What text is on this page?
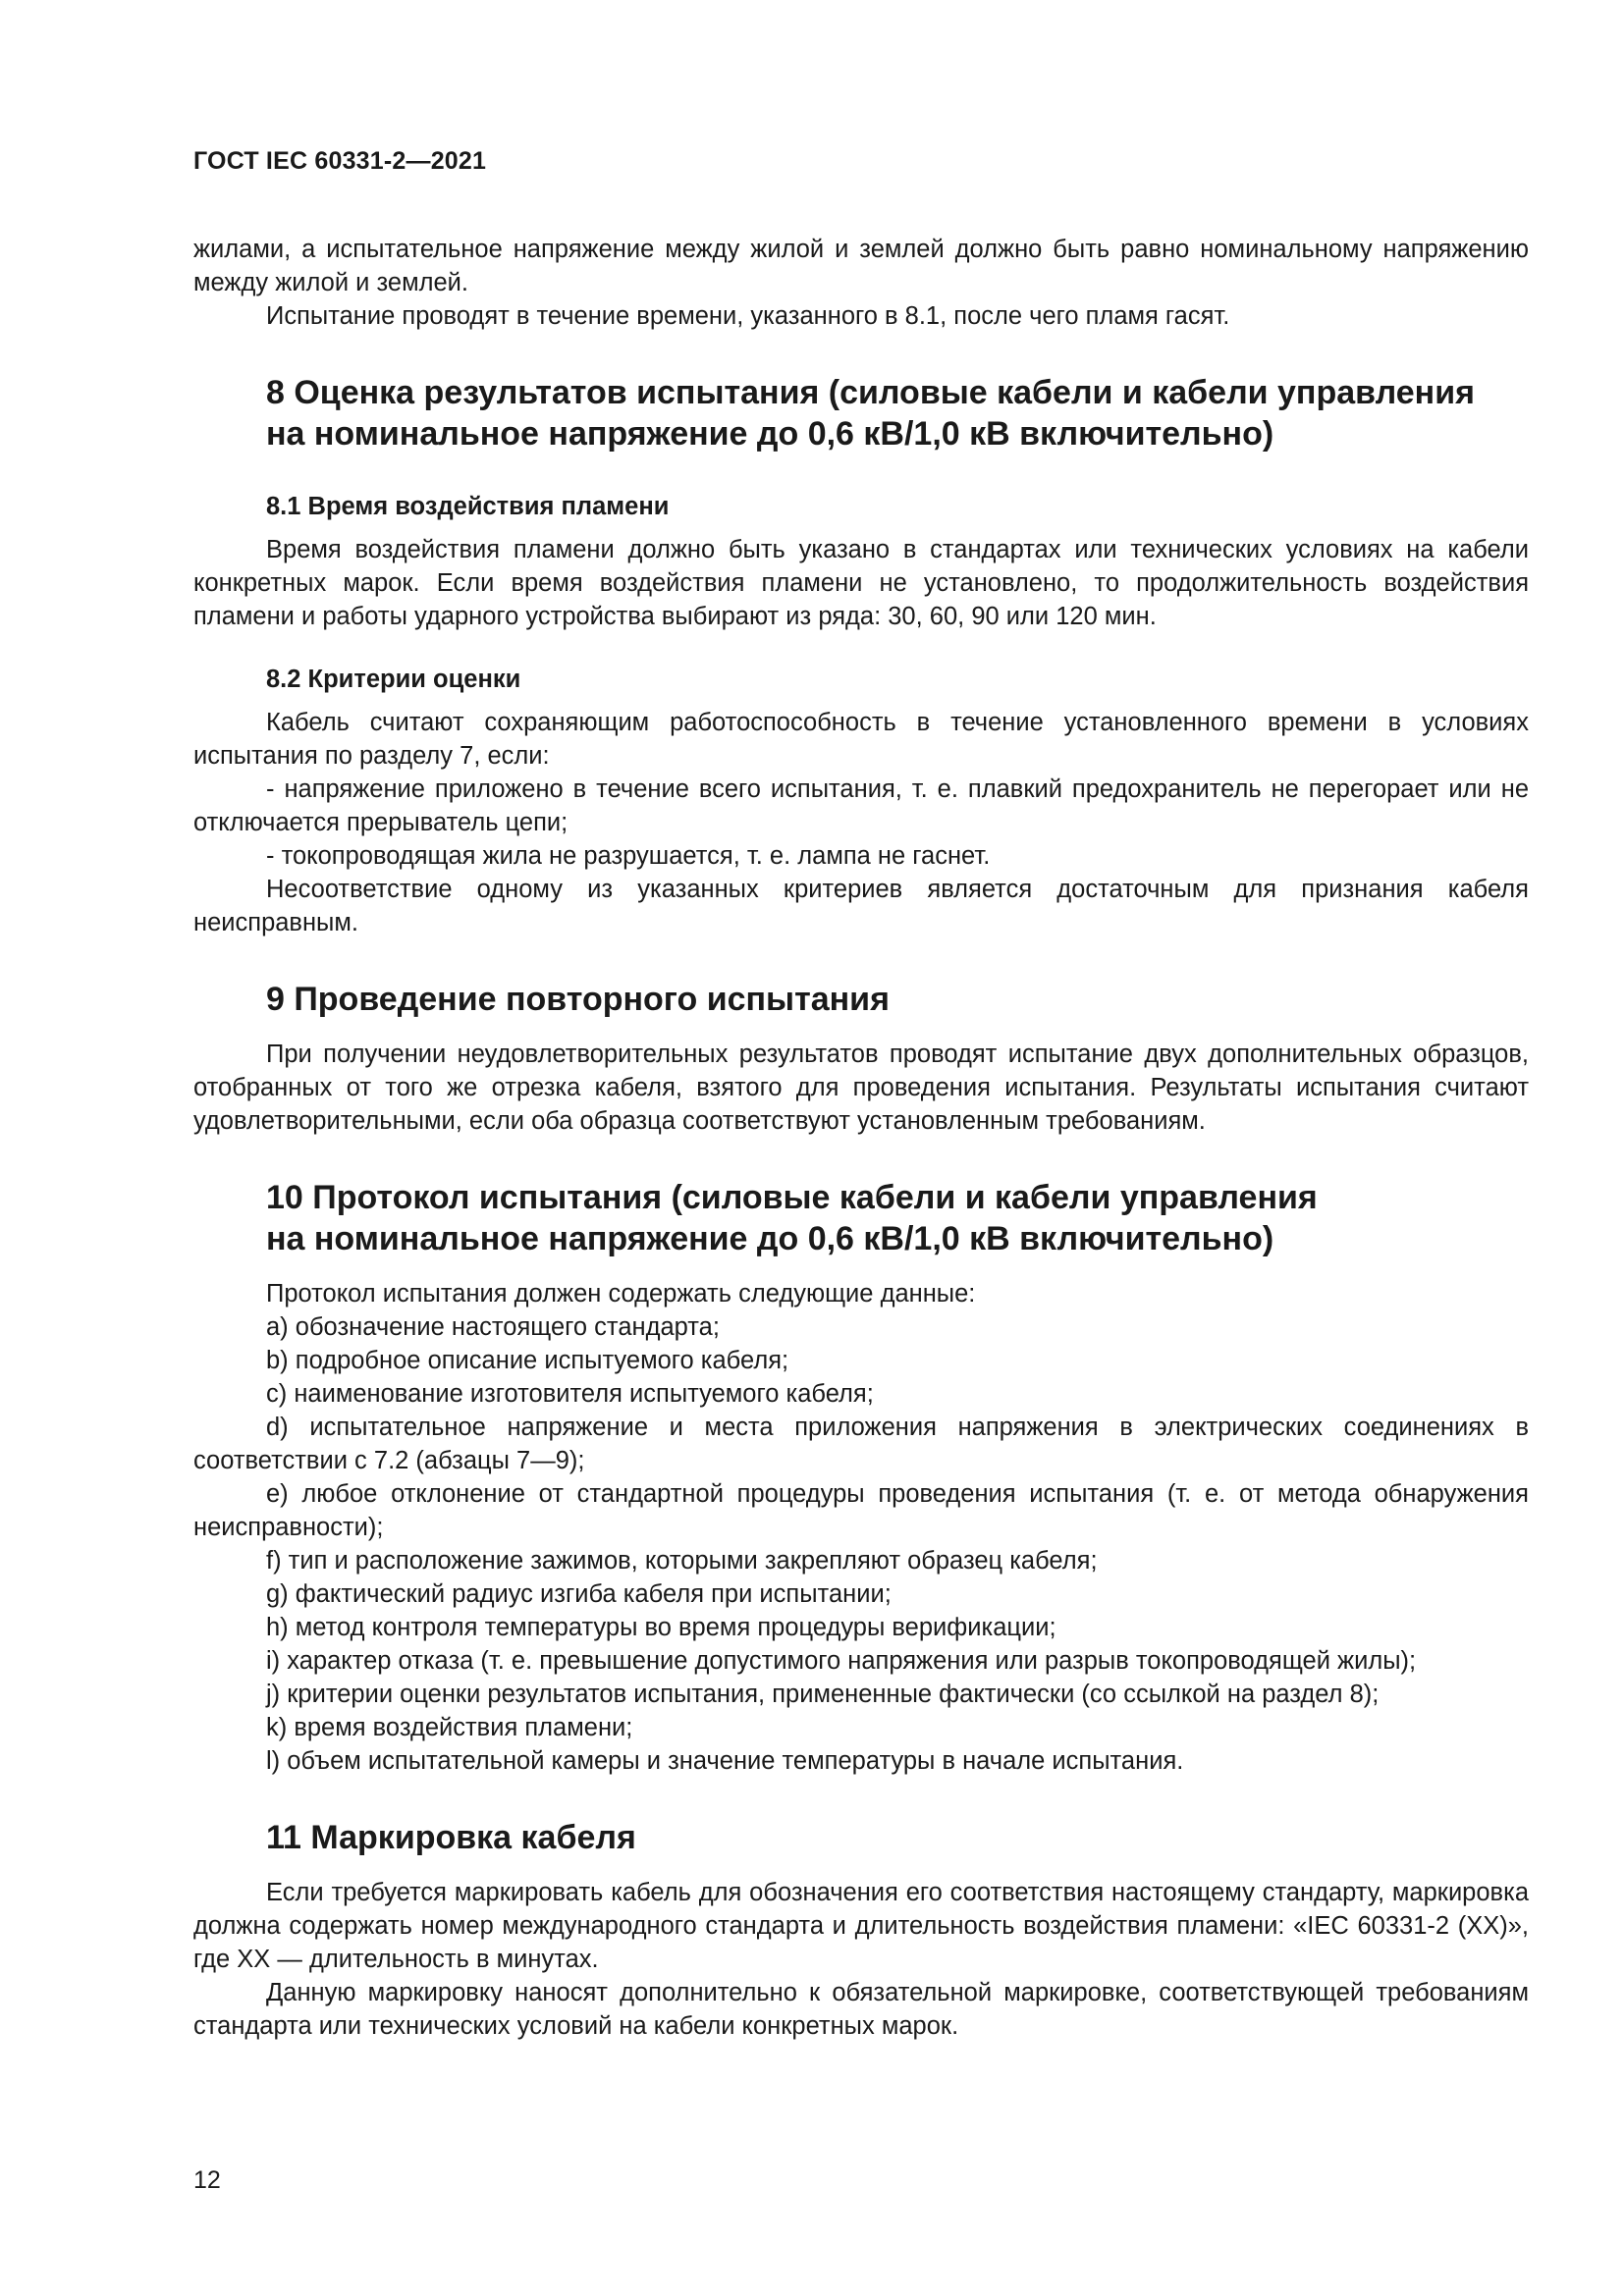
ГОСТ IEC 60331-2—2021

жилами, а испытательное напряжение между жилой и землей должно быть равно номинальному напряжению между жилой и землей.

Испытание проводят в течение времени, указанного в 8.1, после чего пламя гасят.

8 Оценка результатов испытания (силовые кабели и кабели управления
на номинальное напряжение до 0,6 кВ/1,0 кВ включительно)
8.1 Время воздействия пламени

Время воздействия пламени должно быть указано в стандартах или технических условиях на кабели конкретных марок. Если время воздействия пламени не установлено, то продолжительность воздействия пламени и работы ударного устройства выбирают из ряда: 30, 60, 90 или 120 мин.

8.2 Критерии оценки

Кабель считают сохраняющим работоспособность в течение установленного времени в условиях испытания по разделу 7, если:

- напряжение приложено в течение всего испытания, т. е. плавкий предохранитель не перегорает или не отключается прерыватель цепи;

- токопроводящая жила не разрушается, т. е. лампа не гаснет.

Несоответствие одному из указанных критериев является достаточным для признания кабеля неисправным.

9 Проведение повторного испытания

При получении неудовлетворительных результатов проводят испытание двух дополнительных образцов, отобранных от того же отрезка кабеля, взятого для проведения испытания. Результаты испытания считают удовлетворительными, если оба образца соответствуют установленным требованиям.

10 Протокол испытания (силовые кабели и кабели управления
на номинальное напряжение до 0,6 кВ/1,0 кВ включительно)

Протокол испытания должен содержать следующие данные:

a) обозначение настоящего стандарта;

b) подробное описание испытуемого кабеля;

c) наименование изготовителя испытуемого кабеля;

d) испытательное напряжение и места приложения напряжения в электрических соединениях в соответствии с 7.2 (абзацы 7—9);

e) любое отклонение от стандартной процедуры проведения испытания (т. е. от метода обнаружения неисправности);

f) тип и расположение зажимов, которыми закрепляют образец кабеля;

g) фактический радиус изгиба кабеля при испытании;

h) метод контроля температуры во время процедуры верификации;

i) характер отказа (т. е. превышение допустимого напряжения или разрыв токопроводящей жилы);

j) критерии оценки результатов испытания, примененные фактически (со ссылкой на раздел 8);

k) время воздействия пламени;

l) объем испытательной камеры и значение температуры в начале испытания.

11 Маркировка кабеля

Если требуется маркировать кабель для обозначения его соответствия настоящему стандарту, маркировка должна содержать номер международного стандарта и длительность воздействия пламени: «IEC 60331-2 (XX)», где XX — длительность в минутах.

Данную маркировку наносят дополнительно к обязательной маркировке, соответствующей требованиям стандарта или технических условий на кабели конкретных марок.

12
